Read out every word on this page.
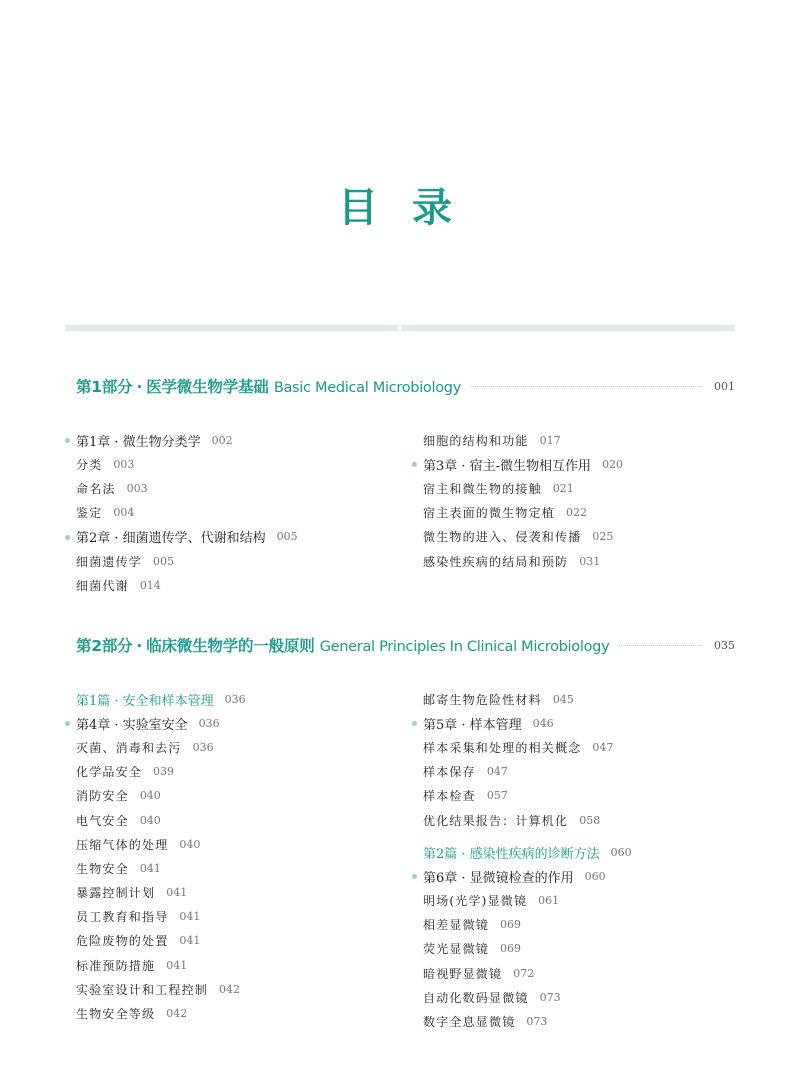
目 录
第1部分 · 医学微生物学基础 Basic Medical Microbiology	001
第1章 · 微生物分类学 002
分类 003
命名法 003
鉴定 004
第2章 · 细菌遗传学、代谢和结构 005
细菌遗传学 005
细菌代谢 014
细胞的结构和功能 017
第3章 · 宿主-微生物相互作用 020
宿主和微生物的接触 021
宿主表面的微生物定植 022
微生物的进入、侵袭和传播 025
感染性疾病的结局和预防 031
第2部分 · 临床微生物学的一般原则 General Principles In Clinical Microbiology	035
第1篇 · 安全和样本管理 036
第4章 · 实验室安全 036
灭菌、消毒和去污 036
化学品安全 039
消防安全 040
电气安全 040
压缩气体的处理 040
生物安全 041
暴露控制计划 041
员工教育和指导 041
危险废物的处置 041
标准预防措施 041
实验室设计和工程控制 042
生物安全等级 042
邮寄生物危险性材料 045
第5章 · 样本管理 046
样本采集和处理的相关概念 047
样本保存 047
样本检查 057
优化结果报告：计算机化 058
第2篇 · 感染性疾病的诊断方法 060
第6章 · 显微镜检查的作用 060
明场(光学)显微镜 061
相差显微镜 069
荧光显微镜 069
暗视野显微镜 072
自动化数码显微镜 073
数字全息显微镜 073
